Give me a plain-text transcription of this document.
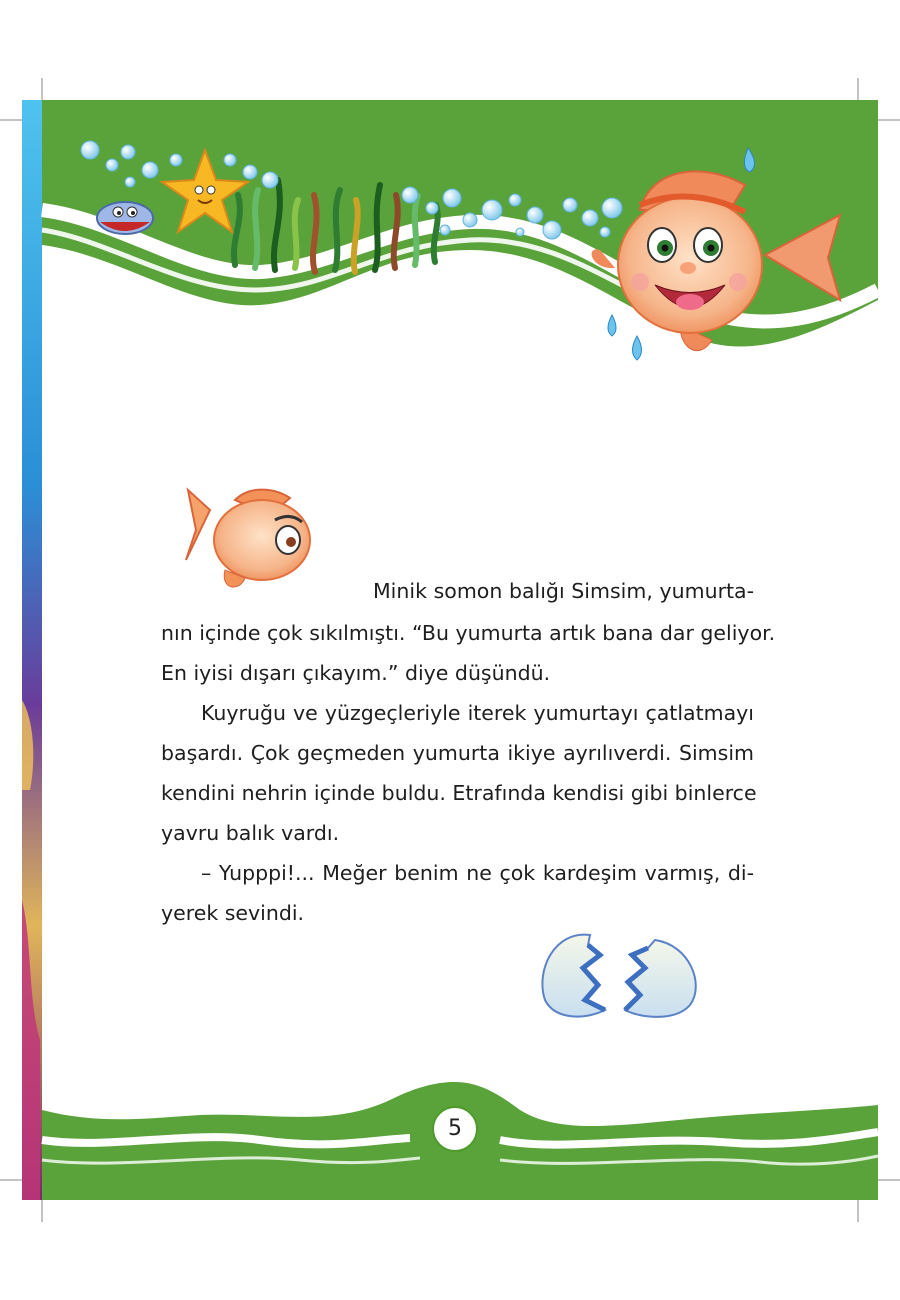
Minik somon balığı Simsim, yumurta-
nın içinde çok sıkılmıştı. “Bu yumurta artık bana dar geliyor.
En iyisi dışarı çıkayım.” diye düşündü.
Kuyruğu ve yüzgeçleriyle iterek yumurtayı çatlatmayı
başardı. Çok geçmeden yumurta ikiye ayrılıverdi. Simsim
kendini nehrin içinde buldu. Etrafında kendisi gibi binlerce
yavru balık vardı.
– Yupppi!... Meğer benim ne çok kardeşim varmış, di-
yerek sevindi.
5
